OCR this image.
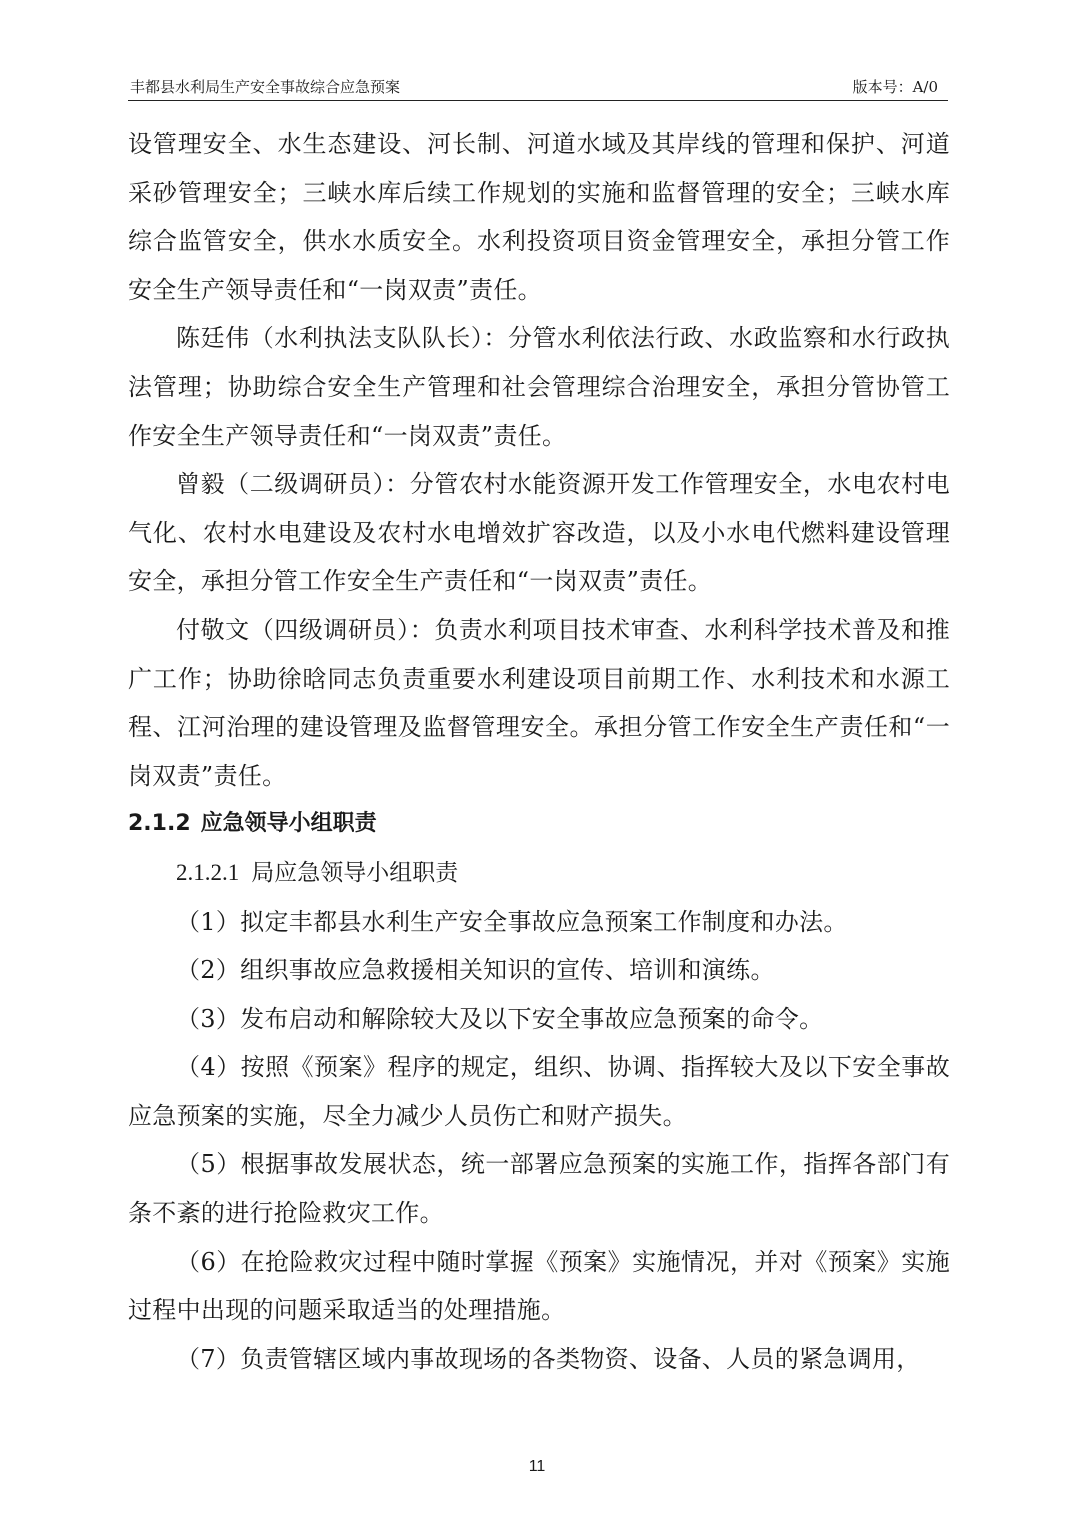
丰都县水利局生产安全事故综合应急预案	版本号：A/0

设管理安全、水生态建设、河长制、河道水域及其岸线的管理和保护、河道采砂管理安全；三峡水库后续工作规划的实施和监督管理的安全；三峡水库综合监管安全，供水水质安全。水利投资项目资金管理安全，承担分管工作安全生产领导责任和“一岗双责”责任。

陈廷伟（水利执法支队队长）：分管水利依法行政、水政监察和水行政执法管理；协助综合安全生产管理和社会管理综合治理安全，承担分管协管工作安全生产领导责任和“一岗双责”责任。

曾毅（二级调研员）：分管农村水能资源开发工作管理安全，水电农村电气化、农村水电建设及农村水电增效扩容改造，以及小水电代燃料建设管理安全，承担分管工作安全生产责任和“一岗双责”责任。

付敬文（四级调研员）：负责水利项目技术审查、水利科学技术普及和推广工作；协助徐晗同志负责重要水利建设项目前期工作、水利技术和水源工程、江河治理的建设管理及监督管理安全。承担分管工作安全生产责任和“一岗双责”责任。

2.1.2 应急领导小组职责

2.1.2.1 局应急领导小组职责

（1）拟定丰都县水利生产安全事故应急预案工作制度和办法。

（2）组织事故应急救援相关知识的宣传、培训和演练。

（3）发布启动和解除较大及以下安全事故应急预案的命令。

（4）按照《预案》程序的规定，组织、协调、指挥较大及以下安全事故应急预案的实施，尽全力减少人员伤亡和财产损失。

（5）根据事故发展状态，统一部署应急预案的实施工作，指挥各部门有条不紊的进行抢险救灾工作。

（6）在抢险救灾过程中随时掌握《预案》实施情况，并对《预案》实施过程中出现的问题采取适当的处理措施。

（7）负责管辖区域内事故现场的各类物资、设备、人员的紧急调用，

11
